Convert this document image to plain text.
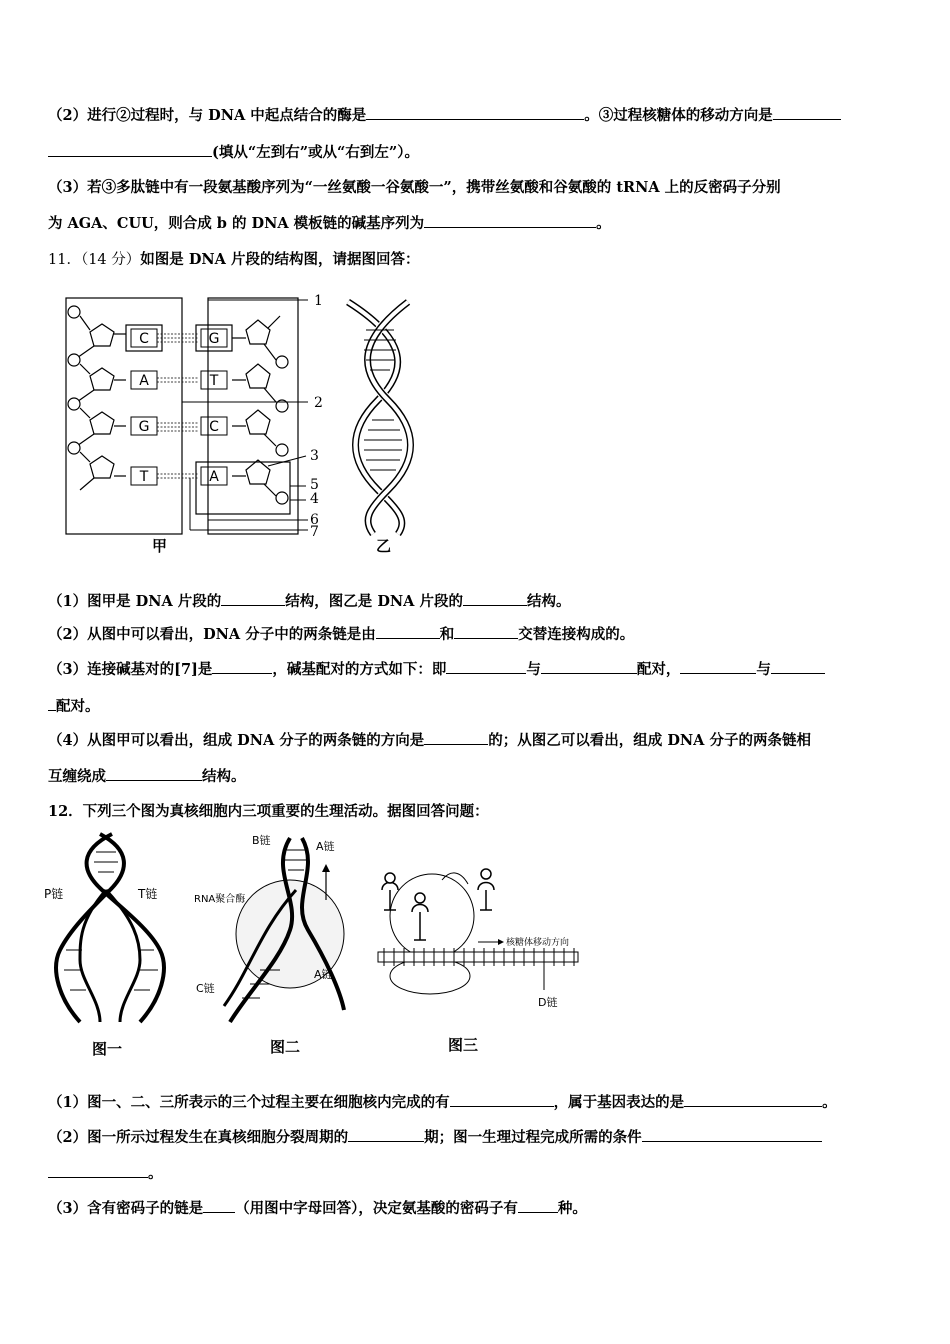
（2）进行②过程时，与 DNA 中起点结合的酶是	。③过程核糖体的移动方向是
(填从“左到右”或从“右到左”）。
（3）若③多肽链中有一段氨基酸序列为“一丝氨酸一谷氨酸一”，携带丝氨酸和谷氨酸的 tRNA 上的反密码子分别
为 AGA、CUU，则合成 b 的 DNA 模板链的碱基序列为	。
11．（14 分）如图是 DNA 片段的结构图，请据图回答：
C
A
G
T
G
T
C
A
1
2
3
4
5
6
7
甲	乙
（1）图甲是 DNA 片段的	结构，图乙是 DNA 片段的	结构。
（2）从图中可以看出，DNA 分子中的两条链是由	和	交替连接构成的。
（3）连接碱基对的[7]是	，碱基配对的方式如下：即	与	配对，	与
配对。
（4）从图甲可以看出，组成 DNA 分子的两条链的方向是	的；从图乙可以看出，组成 DNA 分子的两条链相
互缠绕成	结构。
12．下列三个图为真核细胞内三项重要的生理活动。据图回答问题：
P链	T链
B链	A链
RNA聚合酶
C链
A链
核糖体移动方向
D链
图一	图二	图三
（1）图一、二、三所表示的三个过程主要在细胞核内完成的有	，属于基因表达的是	。
（2）图一所示过程发生在真核细胞分裂周期的	期；图一生理过程完成所需的条件
。
（3）含有密码子的链是 （用图中字母回答），决定氨基酸的密码子有	种。
